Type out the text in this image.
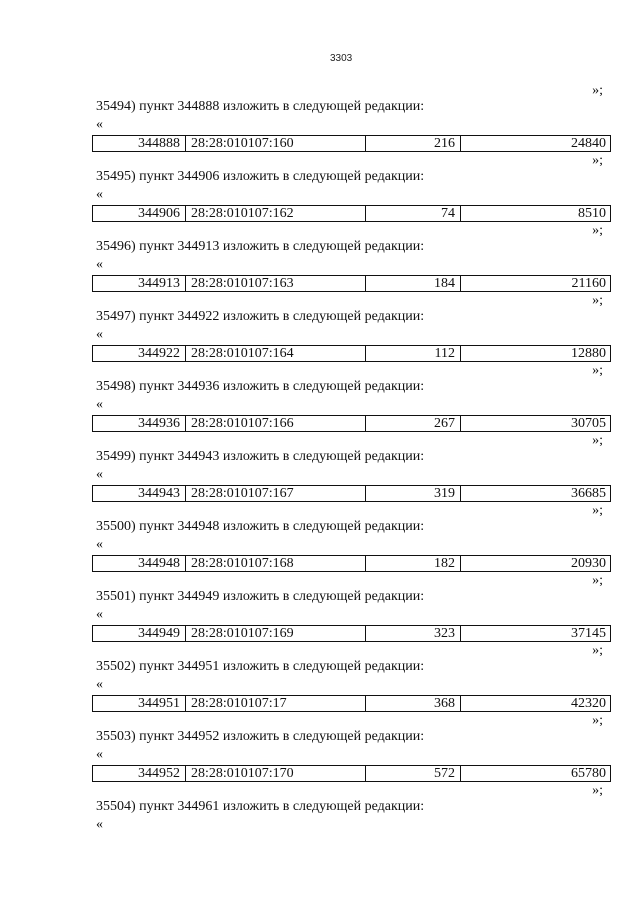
3303
»;
35494) пункт 344888 изложить в следующей редакции:
«
344888	28:28:010107:160	216	24840
»;
35495) пункт 344906 изложить в следующей редакции:
«
344906	28:28:010107:162	74	8510
»;
35496) пункт 344913 изложить в следующей редакции:
«
344913	28:28:010107:163	184	21160
»;
35497) пункт 344922 изложить в следующей редакции:
«
344922	28:28:010107:164	112	12880
»;
35498) пункт 344936 изложить в следующей редакции:
«
344936	28:28:010107:166	267	30705
»;
35499) пункт 344943 изложить в следующей редакции:
«
344943	28:28:010107:167	319	36685
»;
35500) пункт 344948 изложить в следующей редакции:
«
344948	28:28:010107:168	182	20930
»;
35501) пункт 344949 изложить в следующей редакции:
«
344949	28:28:010107:169	323	37145
»;
35502) пункт 344951 изложить в следующей редакции:
«
344951	28:28:010107:17	368	42320
»;
35503) пункт 344952 изложить в следующей редакции:
«
344952	28:28:010107:170	572	65780
»;
35504) пункт 344961 изложить в следующей редакции:
«
